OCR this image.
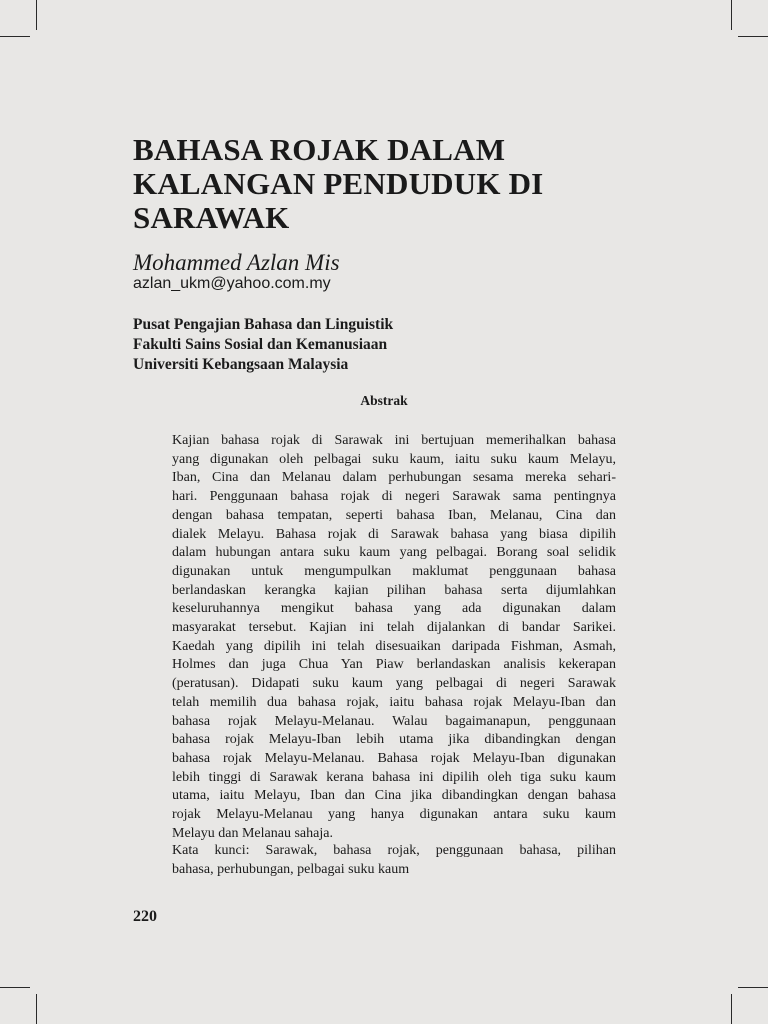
BAHASA ROJAK DALAM
KALANGAN PENDUDUK DI
SARAWAK
Mohammed Azlan Mis
azlan_ukm@yahoo.com.my
Pusat Pengajian Bahasa dan Linguistik
Fakulti Sains Sosial dan Kemanusiaan
Universiti Kebangsaan Malaysia
Abstrak
Kajian bahasa rojak di Sarawak ini bertujuan memerihalkan bahasa
yang digunakan oleh pelbagai suku kaum, iaitu suku kaum Melayu,
Iban, Cina dan Melanau dalam perhubungan sesama mereka sehari-
hari. Penggunaan bahasa rojak di negeri Sarawak sama pentingnya
dengan bahasa tempatan, seperti bahasa Iban, Melanau, Cina dan
dialek Melayu. Bahasa rojak di Sarawak bahasa yang biasa dipilih
dalam hubungan antara suku kaum yang pelbagai. Borang soal selidik
digunakan untuk mengumpulkan maklumat penggunaan bahasa
berlandaskan kerangka kajian pilihan bahasa serta dijumlahkan
keseluruhannya mengikut bahasa yang ada digunakan dalam
masyarakat tersebut. Kajian ini telah dijalankan di bandar Sarikei.
Kaedah yang dipilih ini telah disesuaikan daripada Fishman, Asmah,
Holmes dan juga Chua Yan Piaw berlandaskan analisis kekerapan
(peratusan). Didapati suku kaum yang pelbagai di negeri Sarawak
telah memilih dua bahasa rojak, iaitu bahasa rojak Melayu-Iban dan
bahasa rojak Melayu-Melanau. Walau bagaimanapun, penggunaan
bahasa rojak Melayu-Iban lebih utama jika dibandingkan dengan
bahasa rojak Melayu-Melanau. Bahasa rojak Melayu-Iban digunakan
lebih tinggi di Sarawak kerana bahasa ini dipilih oleh tiga suku kaum
utama, iaitu Melayu, Iban dan Cina jika dibandingkan dengan bahasa
rojak Melayu-Melanau yang hanya digunakan antara suku kaum
Melayu dan Melanau sahaja.
Kata kunci: Sarawak, bahasa rojak, penggunaan bahasa, pilihan
bahasa, perhubungan, pelbagai suku kaum
220
